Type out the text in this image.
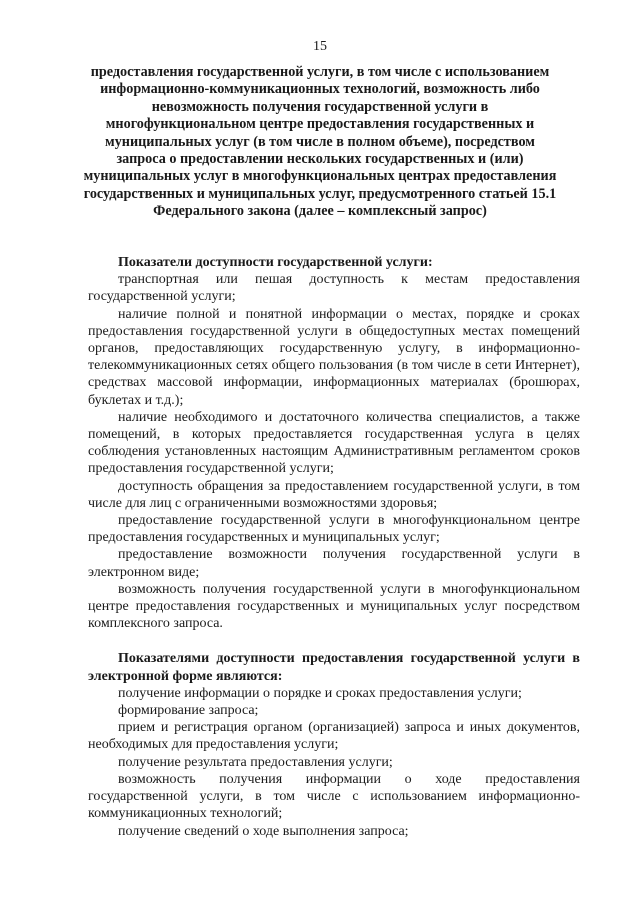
15
предоставления государственной услуги, в том числе с использованием информационно-коммуникационных технологий, возможность либо невозможность получения государственной услуги в многофункциональном центре предоставления государственных и муниципальных услуг (в том числе в полном объеме), посредством запроса о предоставлении нескольких государственных и (или) муниципальных услуг в многофункциональных центрах предоставления государственных и муниципальных услуг, предусмотренного статьей 15.1 Федерального закона (далее – комплексный запрос)

Показатели доступности государственной услуги:

транспортная или пешая доступность к местам предоставления государственной услуги;

наличие полной и понятной информации о местах, порядке и сроках предоставления государственной услуги в общедоступных местах помещений органов, предоставляющих государственную услугу, в информационно-телекоммуникационных сетях общего пользования (в том числе в сети Интернет), средствах массовой информации, информационных материалах (брошюрах, буклетах и т.д.);

наличие необходимого и достаточного количества специалистов, а также помещений, в которых предоставляется государственная услуга в целях соблюдения установленных настоящим Административным регламентом сроков предоставления государственной услуги;

доступность обращения за предоставлением государственной услуги, в том числе для лиц с ограниченными возможностями здоровья;

предоставление государственной услуги в многофункциональном центре предоставления государственных и муниципальных услуг;

предоставление возможности получения государственной услуги в электронном виде;

возможность получения государственной услуги в многофункциональном центре предоставления государственных и муниципальных услуг посредством комплексного запроса.

Показателями доступности предоставления государственной услуги в электронной форме являются:

получение информации о порядке и сроках предоставления услуги;

формирование запроса;

прием и регистрация органом (организацией) запроса и иных документов, необходимых для предоставления услуги;

получение результата предоставления услуги;

возможность получения информации о ходе предоставления государственной услуги, в том числе с использованием информационно-коммуникационных технологий;

получение сведений о ходе выполнения запроса;
